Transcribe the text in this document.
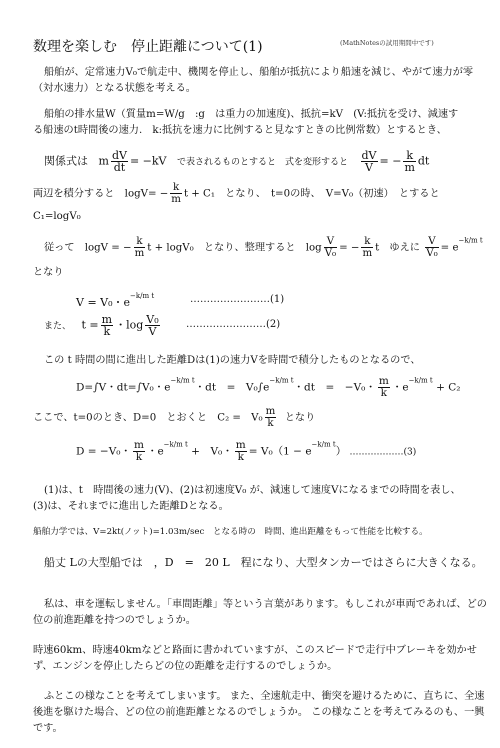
数理を楽しむ　停止距離について(1)	(MathNotesの試用期間中です)
船舶が、定常速力V₀で航走中、機関を停止し、船舶が抵抗により船速を減じ、やがて速力が零
（対水速力）となる状態を考える。
船舶の排水量W（質量m=W/g　:g　は重力の加速度)、抵抗=kV　(V:抵抗を受け、減速す
る船速のt時間後の速力.　k:抵抗を速力に比例すると見なすときの比例常数）とするとき、
関係式は m $\frac{dV}{dt} = -kV$ で表されるものとすると　式を変形すると $\frac{dV}{V}$ = − $\frac{k}{m}$ dt
両辺を積分すると　$\log V= - \frac{k}{m}$ t + C₁　となり、　t=0の時、　V=V₀（初速）　とすると
C₁=logV₀
従って　logV = − $\frac{k}{m}$ t + logV₀　となり、整理すると　$\log \frac{V}{\text{V₀}}$ = − $\frac{k}{m}$ t　ゆえに $\frac{V}{\text{V₀}} = e^{-k/m t}$
となり
V = V₀・$e^{-k/m t}$	……………………(1)
また、 $t = \frac{m}{k}$ ・$\log \frac{\text{V₀}}{V}$	……………………(2)
この t 時間の間に進出した距離Dは(1)の速力Vを時間で積分したものとなるので、
D=∫V・dt=∫V₀・$e^{-k/m t}$・dt　=　$V_0\int e^{-k/m t}$・dt　=　−V₀・ $\frac{m}{k}$ ・$e^{-k/m t} + C_2$
ここで、t=0のとき、D=0　とおくと　C₂ =　$V_0 \frac{m}{k}$ となり
D = −V₀・ $\frac{m}{k}$ ・$e^{-k/m t}$ +　V₀・ $\frac{m}{k} = V_0(1 - e^{-k/m t})$ ………………(3)
(1)は、t　時間後の速力(V)、(2)は初速度V₀ が、減速して速度Vになるまでの時間を表し、
(3)は、それまでに進出した距離Dとなる。
船舶力学では、V=2kt(ノット)=1.03m/sec　となる時の　時間、進出距離をもって性能を比較する。
船丈 Lの大型船では　，D　=　20 L　程になり、大型タンカーではさらに大きくなる。
私は、車を運転しません。「車間距離」等という言葉があります。もしこれが車両であれば、どの
位の前進距離を持つのでしょうか。
時速60km、時速40kmなどと路面に書かれていますが、このスピードで走行中ブレーキを効かせ
ず、エンジンを停止したらどの位の距離を走行するのでしょうか。
ふとこの様なことを考えてしまいます。 また、全速航走中、衝突を避けるために、直ちに、全速
後進を駆けた場合、どの位の前進距離となるのでしょうか。 この様なことを考えてみるのも、一興
です。
